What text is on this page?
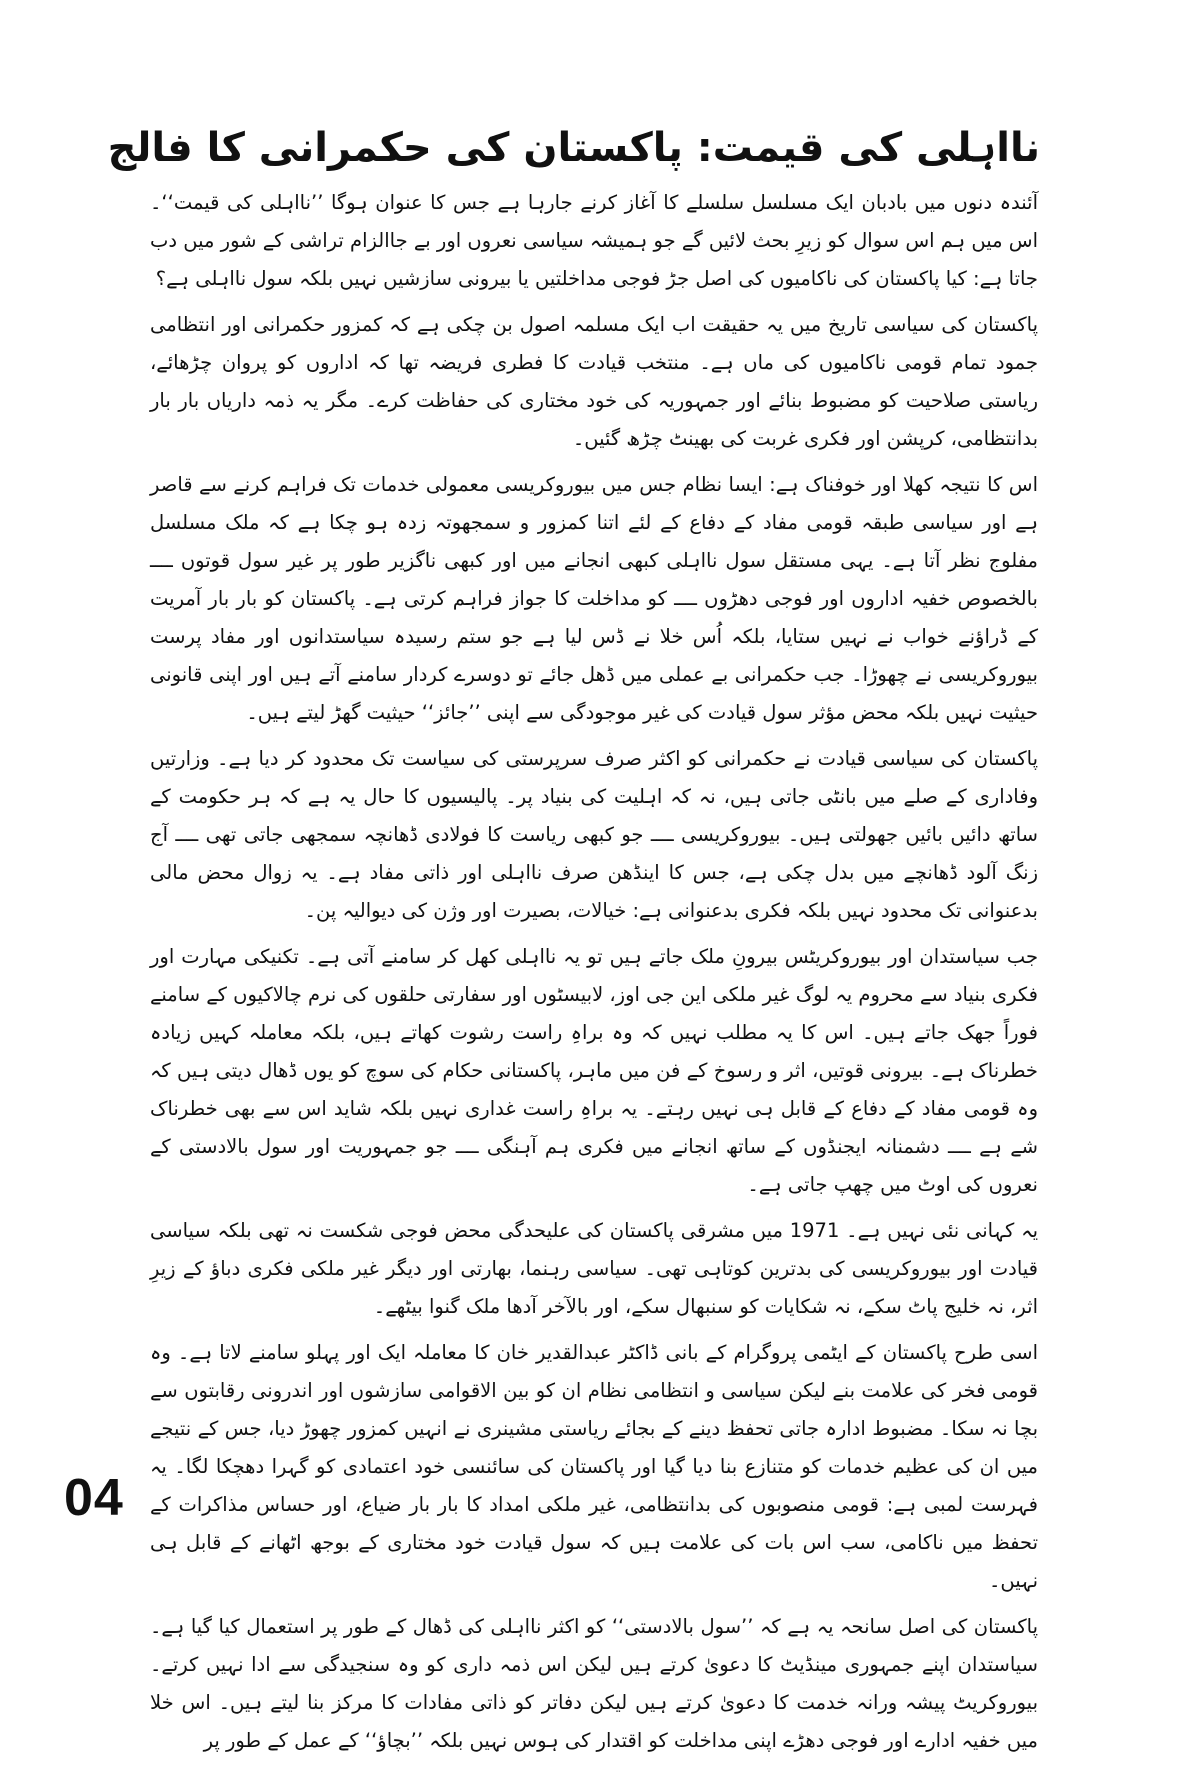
نااہلی کی قیمت: پاکستان کی حکمرانی کا فالج

آئندہ دنوں میں بادبان ایک مسلسل سلسلے کا آغاز کرنے جارہا ہے جس کا عنوان ہوگا ’’نااہلی کی قیمت‘‘۔اس میں ہم اس سوال کو زیرِ بحث لائیں گے جو ہمیشہ سیاسی نعروں اور بے جاالزام تراشی کے شور میں دب جاتا ہے: کیا پاکستان کی ناکامیوں کی اصل جڑ فوجی مداخلتیں یا بیرونی سازشیں نہیں بلکہ سول نااہلی ہے؟

پاکستان کی سیاسی تاریخ میں یہ حقیقت اب ایک مسلمہ اصول بن چکی ہے کہ کمزور حکمرانی اور انتظامی جمود تمام قومی ناکامیوں کی ماں ہے۔ منتخب قیادت کا فطری فریضہ تھا کہ اداروں کو پروان چڑھائے، ریاستی صلاحیت کو مضبوط بنائے اور جمہوریہ کی خود مختاری کی حفاظت کرے۔ مگر یہ ذمہ داریاں بار بار بدانتظامی، کرپشن اور فکری غربت کی بھینٹ چڑھ گئیں۔

اس کا نتیجہ کھلا اور خوفناک ہے: ایسا نظام جس میں بیوروکریسی معمولی خدمات تک فراہم کرنے سے قاصر ہے اور سیاسی طبقہ قومی مفاد کے دفاع کے لئے اتنا کمزور و سمجھوتہ زدہ ہو چکا ہے کہ ملک مسلسل مفلوج نظر آتا ہے۔ یہی مستقل سول نااہلی کبھی انجانے میں اور کبھی ناگزیر طور پر غیر سول قوتوں ــــ بالخصوص خفیہ اداروں اور فوجی دھڑوں ــــ کو مداخلت کا جواز فراہم کرتی ہے۔ پاکستان کو بار بار آمریت کے ڈراؤنے خواب نے نہیں ستایا، بلکہ اُس خلا نے ڈس لیا ہے جو ستم رسیدہ سیاستدانوں اور مفاد پرست بیوروکریسی نے چھوڑا۔ جب حکمرانی بے عملی میں ڈھل جائے تو دوسرے کردار سامنے آتے ہیں اور اپنی قانونی حیثیت نہیں بلکہ محض مؤثر سول قیادت کی غیر موجودگی سے اپنی ’’جائز‘‘ حیثیت گھڑ لیتے ہیں۔

پاکستان کی سیاسی قیادت نے حکمرانی کو اکثر صرف سرپرستی کی سیاست تک محدود کر دیا ہے۔ وزارتیں وفاداری کے صلے میں بانٹی جاتی ہیں، نہ کہ اہلیت کی بنیاد پر۔ پالیسیوں کا حال یہ ہے کہ ہر حکومت کے ساتھ دائیں بائیں جھولتی ہیں۔ بیوروکریسی ــــ جو کبھی ریاست کا فولادی ڈھانچہ سمجھی جاتی تھی ــــ آج زنگ آلود ڈھانچے میں بدل چکی ہے، جس کا اینڈھن صرف نااہلی اور ذاتی مفاد ہے۔ یہ زوال محض مالی بدعنوانی تک محدود نہیں بلکہ فکری بدعنوانی ہے: خیالات، بصیرت اور وژن کی دیوالیہ پن۔

جب سیاستدان اور بیوروکریٹس بیرونِ ملک جاتے ہیں تو یہ نااہلی کھل کر سامنے آتی ہے۔ تکنیکی مہارت اور فکری بنیاد سے محروم یہ لوگ غیر ملکی این جی اوز، لابیسٹوں اور سفارتی حلقوں کی نرم چالاکیوں کے سامنے فوراً جھک جاتے ہیں۔ اس کا یہ مطلب نہیں کہ وہ براہِ راست رشوت کھاتے ہیں، بلکہ معاملہ کہیں زیادہ خطرناک ہے۔ بیرونی قوتیں، اثر و رسوخ کے فن میں ماہر، پاکستانی حکام کی سوچ کو یوں ڈھال دیتی ہیں کہ وہ قومی مفاد کے دفاع کے قابل ہی نہیں رہتے۔ یہ براہِ راست غداری نہیں بلکہ شاید اس سے بھی خطرناک شے ہے ــــ دشمنانہ ایجنڈوں کے ساتھ انجانے میں فکری ہم آہنگی ــــ جو جمہوریت اور سول بالادستی کے نعروں کی اوٹ میں چھپ جاتی ہے۔

یہ کہانی نئی نہیں ہے۔ 1971 میں مشرقی پاکستان کی علیحدگی محض فوجی شکست نہ تھی بلکہ سیاسی قیادت اور بیوروکریسی کی بدترین کوتاہی تھی۔ سیاسی رہنما، بھارتی اور دیگر غیر ملکی فکری دباؤ کے زیرِ اثر، نہ خلیج پاٹ سکے، نہ شکایات کو سنبھال سکے، اور بالآخر آدھا ملک گنوا بیٹھے۔

اسی طرح پاکستان کے ایٹمی پروگرام کے بانی ڈاکٹر عبدالقدیر خان کا معاملہ ایک اور پہلو سامنے لاتا ہے۔ وہ قومی فخر کی علامت بنے لیکن سیاسی و انتظامی نظام ان کو بین الاقوامی سازشوں اور اندرونی رقابتوں سے بچا نہ سکا۔ مضبوط ادارہ جاتی تحفظ دینے کے بجائے ریاستی مشینری نے انہیں کمزور چھوڑ دیا، جس کے نتیجے میں ان کی عظیم خدمات کو متنازع بنا دیا گیا اور پاکستان کی سائنسی خود اعتمادی کو گہرا دھچکا لگا۔ یہ فہرست لمبی ہے: قومی منصوبوں کی بدانتظامی، غیر ملکی امداد کا بار بار ضیاع، اور حساس مذاکرات کے تحفظ میں ناکامی، سب اس بات کی علامت ہیں کہ سول قیادت خود مختاری کے بوجھ اٹھانے کے قابل ہی نہیں۔

پاکستان کی اصل سانحہ یہ ہے کہ ’’سول بالادستی‘‘ کو اکثر نااہلی کی ڈھال کے طور پر استعمال کیا گیا ہے۔ سیاستدان اپنے جمہوری مینڈیٹ کا دعویٰ کرتے ہیں لیکن اس ذمہ داری کو وہ سنجیدگی سے ادا نہیں کرتے۔ بیوروکریٹ پیشہ ورانہ خدمت کا دعویٰ کرتے ہیں لیکن دفاتر کو ذاتی مفادات کا مرکز بنا لیتے ہیں۔ اس خلا میں خفیہ ادارے اور فوجی دھڑے اپنی مداخلت کو اقتدار کی ہوس نہیں بلکہ ’’بچاؤ‘‘ کے عمل کے طور پر

04
